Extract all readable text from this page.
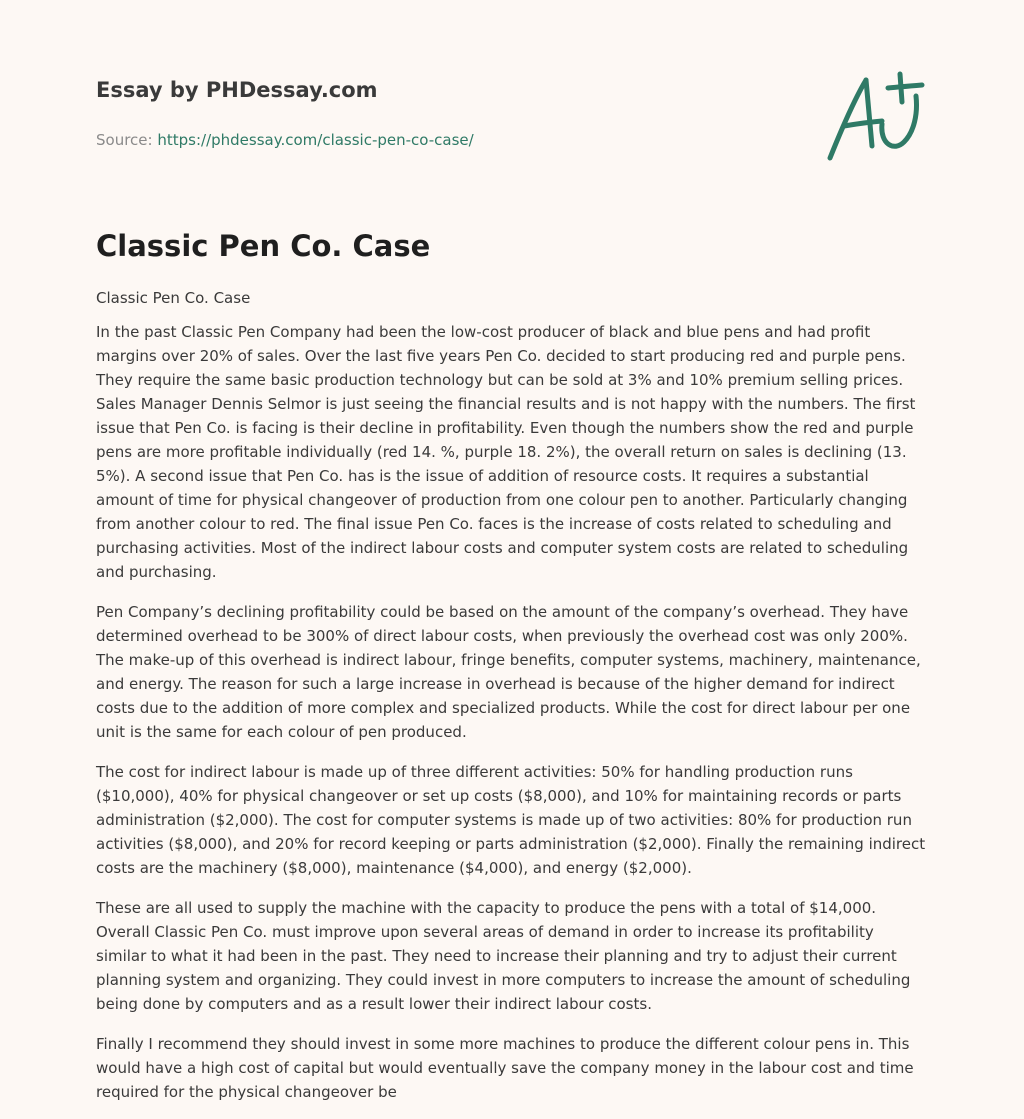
Essay by PHDessay.com
Source: https://phdessay.com/classic-pen-co-case/
Classic Pen Co. Case
Classic Pen Co. Case

In the past Classic Pen Company had been the low-cost producer of black and blue pens and had profit margins over 20% of sales. Over the last five years Pen Co. decided to start producing red and purple pens. They require the same basic production technology but can be sold at 3% and 10% premium selling prices. Sales Manager Dennis Selmor is just seeing the financial results and is not happy with the numbers. The first issue that Pen Co. is facing is their decline in profitability. Even though the numbers show the red and purple pens are more profitable individually (red 14. %, purple 18. 2%), the overall return on sales is declining (13. 5%). A second issue that Pen Co. has is the issue of addition of resource costs. It requires a substantial amount of time for physical changeover of production from one colour pen to another. Particularly changing from another colour to red. The final issue Pen Co. faces is the increase of costs related to scheduling and purchasing activities. Most of the indirect labour costs and computer system costs are related to scheduling and purchasing.

Pen Company’s declining profitability could be based on the amount of the company’s overhead. They have determined overhead to be 300% of direct labour costs, when previously the overhead cost was only 200%. The make-up of this overhead is indirect labour, fringe benefits, computer systems, machinery, maintenance, and energy. The reason for such a large increase in overhead is because of the higher demand for indirect costs due to the addition of more complex and specialized products. While the cost for direct labour per one unit is the same for each colour of pen produced.

The cost for indirect labour is made up of three different activities: 50% for handling production runs ($10,000), 40% for physical changeover or set up costs ($8,000), and 10% for maintaining records or parts administration ($2,000). The cost for computer systems is made up of two activities: 80% for production run activities ($8,000), and 20% for record keeping or parts administration ($2,000). Finally the remaining indirect costs are the machinery ($8,000), maintenance ($4,000), and energy ($2,000).

These are all used to supply the machine with the capacity to produce the pens with a total of $14,000. Overall Classic Pen Co. must improve upon several areas of demand in order to increase its profitability similar to what it had been in the past. They need to increase their planning and try to adjust their current planning system and organizing. They could invest in more computers to increase the amount of scheduling being done by computers and as a result lower their indirect labour costs.

Finally I recommend they should invest in some more machines to produce the different colour pens in. This would have a high cost of capital but would eventually save the company money in the labour cost and time required for the physical changeover be
